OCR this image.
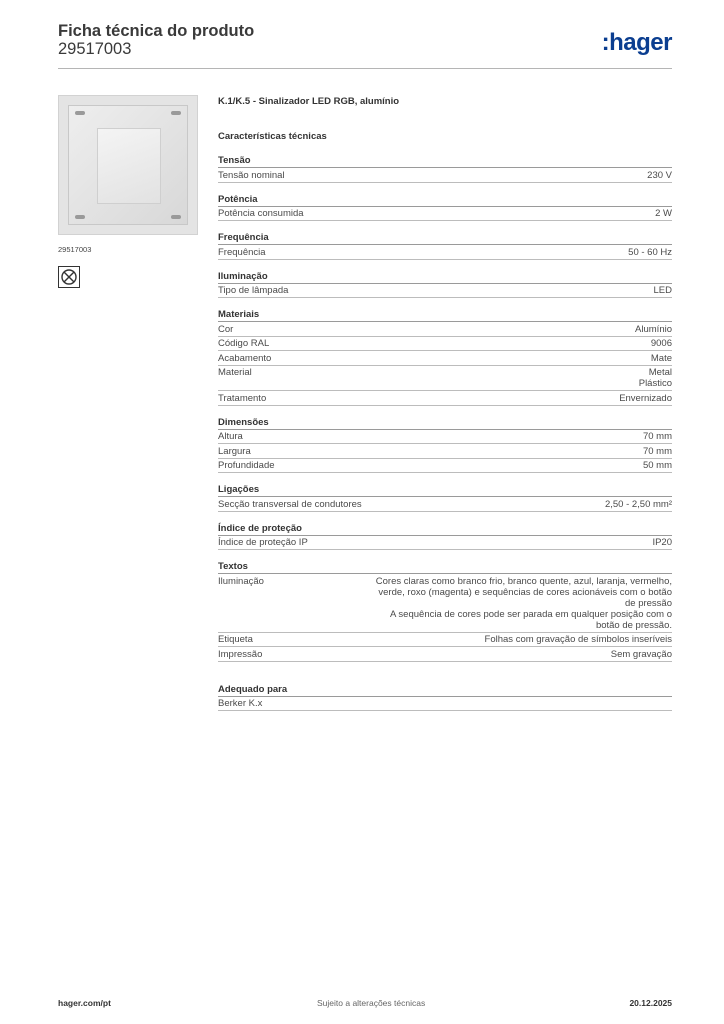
Ficha técnica do produto
29517003	:hager
29517003
K.1/K.5 - Sinalizador LED RGB, alumínio
Características técnicas
Tensão
Tensão nominal	230 V
Potência
Potência consumida	2 W
Frequência
Frequência	50 - 60 Hz
Iluminação
Tipo de lâmpada	LED
Materiais
Cor	Alumínio
Código RAL	9006
Acabamento	Mate
Material	Metal
Plástico
Tratamento	Envernizado
Dimensões
Altura	70 mm
Largura	70 mm
Profundidade	50 mm
Ligações
Secção transversal de condutores	2,50 - 2,50 mm²
Índice de proteção
Índice de proteção IP	IP20
Textos
Iluminação	Cores claras como branco frio, branco quente, azul, laranja, vermelho,
verde, roxo (magenta) e sequências de cores acionáveis com o botão
de pressão
A sequência de cores pode ser parada em qualquer posição com o
botão de pressão.
Etiqueta	Folhas com gravação de símbolos inseríveis
Impressão	Sem gravação
Adequado para
Berker K.x
hager.com/pt	Sujeito a alterações técnicas	20.12.2025
